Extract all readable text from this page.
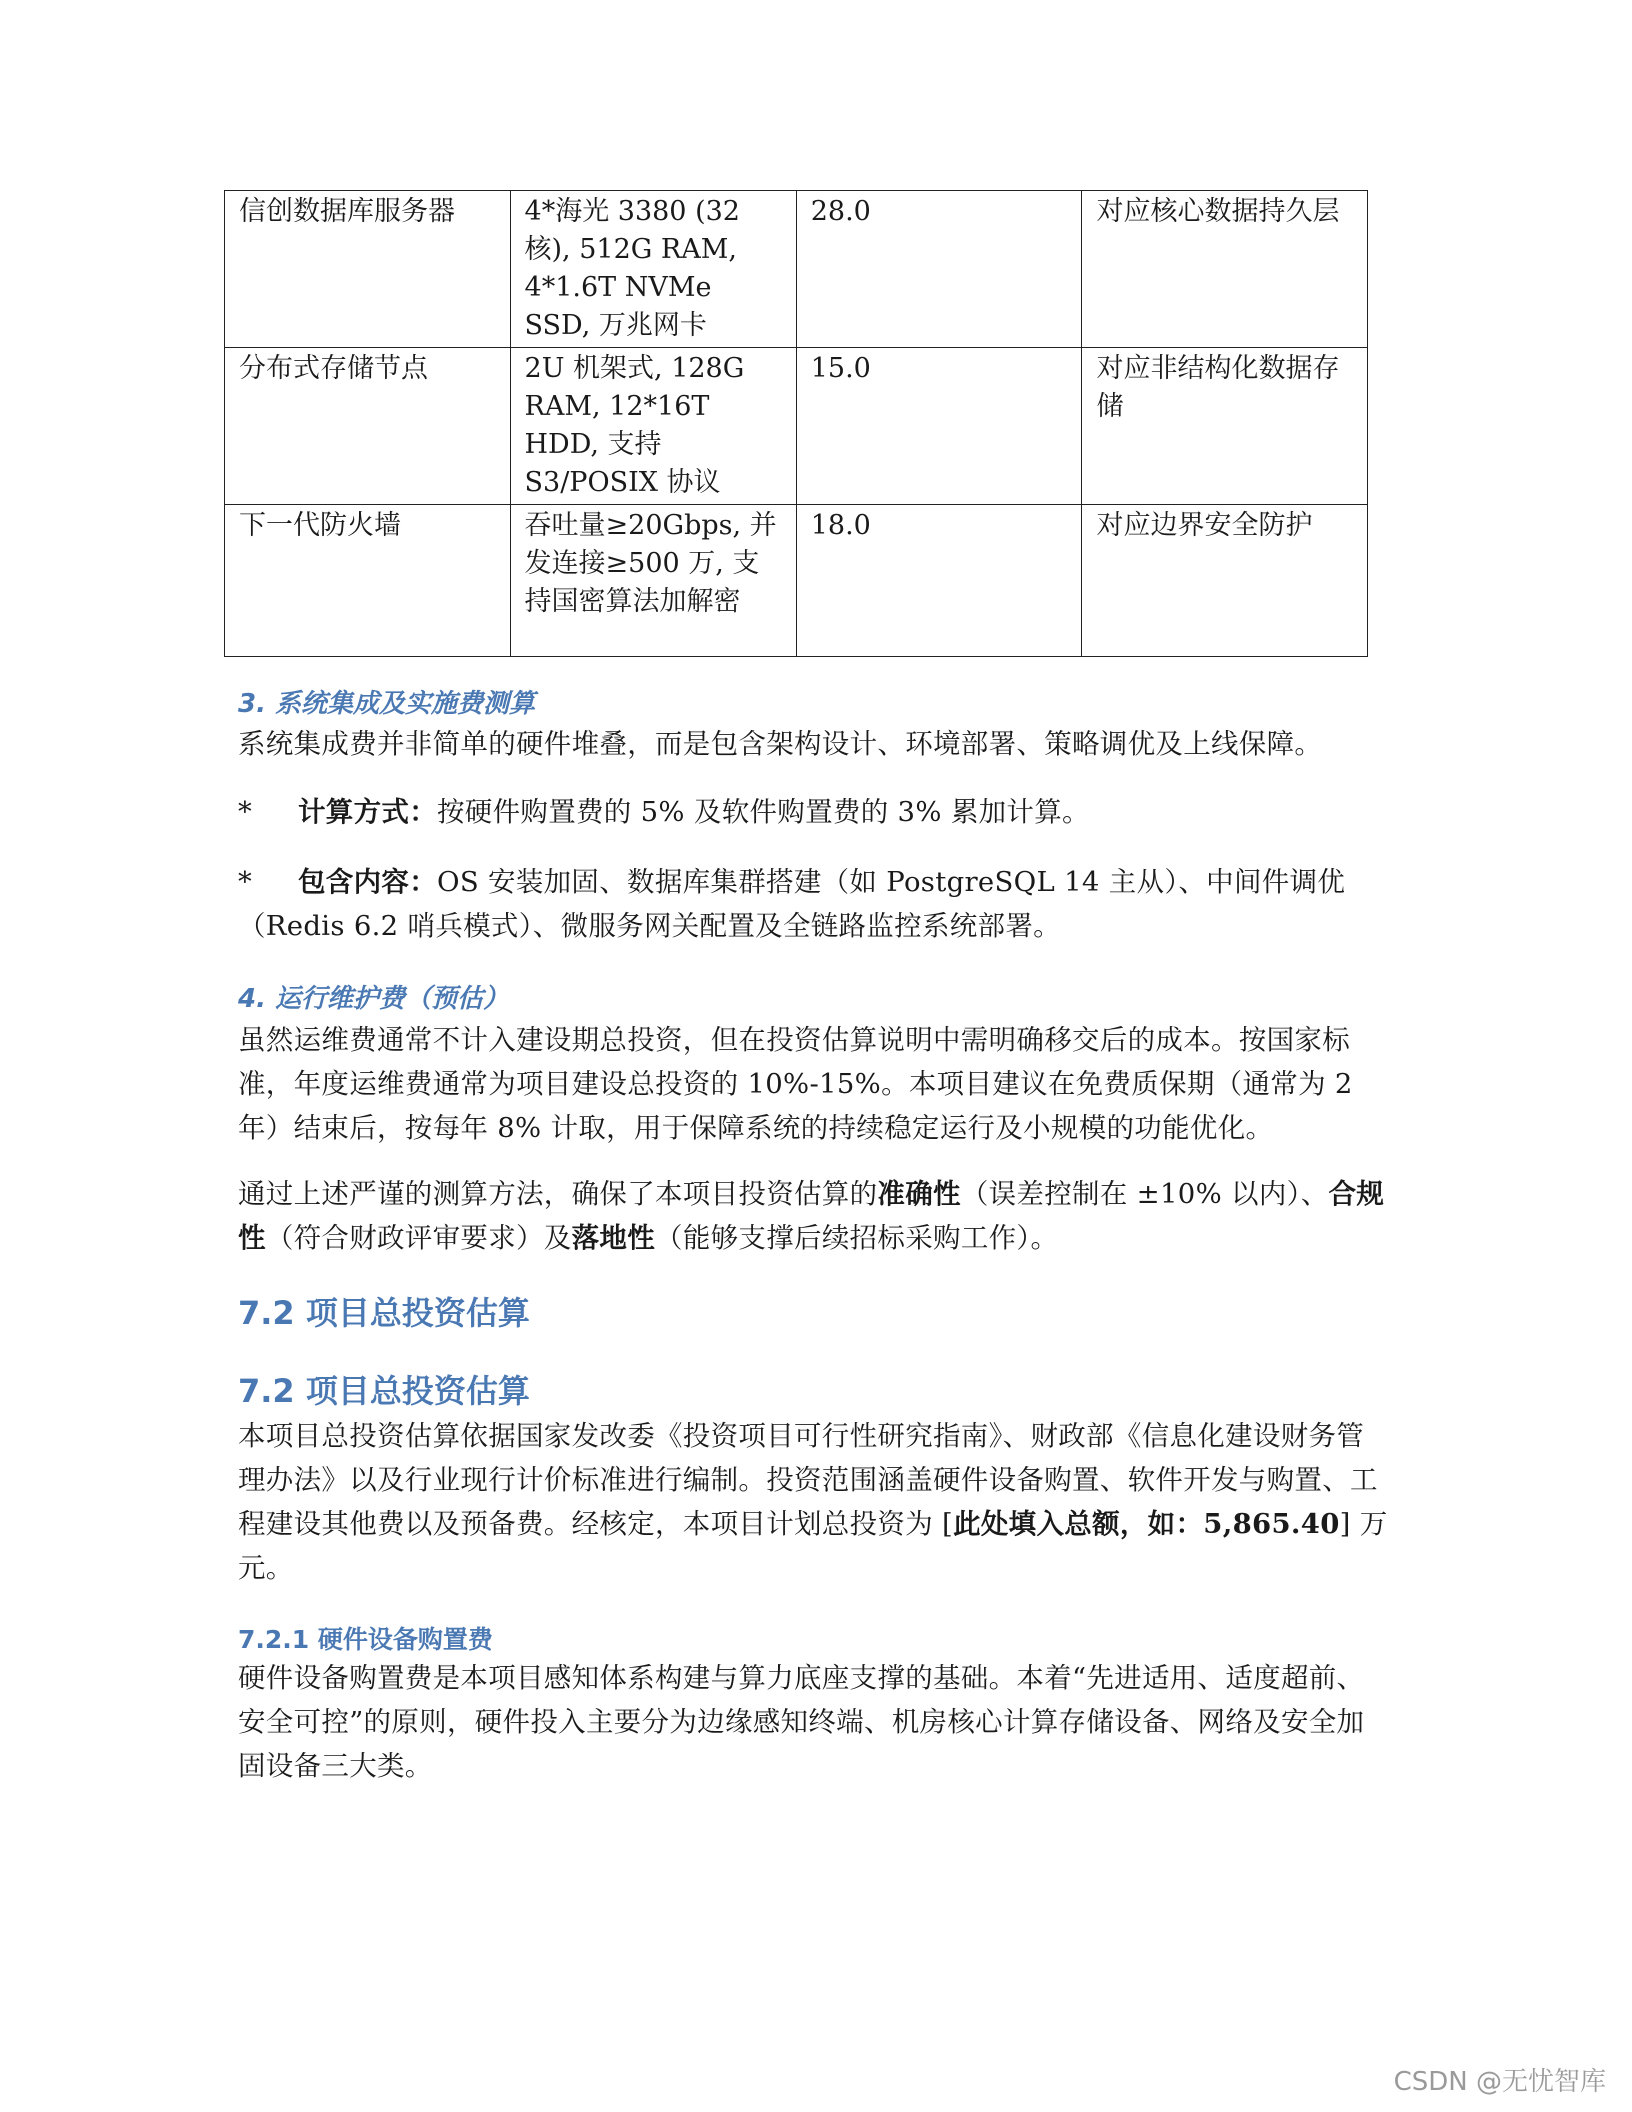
信创数据库服务器	4*海光 3380 (32核), 512G RAM, 4*1.6T NVMe SSD, 万兆网卡	28.0	对应核心数据持久层
分布式存储节点	2U 机架式, 128G RAM, 12*16T HDD, 支持 S3/POSIX 协议	15.0	对应非结构化数据存储
下一代防火墙	吞吐量≥20Gbps, 并发连接≥500 万, 支持国密算法加解密	18.0	对应边界安全防护
3. 系统集成及实施费测算

系统集成费并非简单的硬件堆叠，而是包含架构设计、环境部署、策略调优及上线保障。

* 计算方式：按硬件购置费的 5% 及软件购置费的 3% 累加计算。
* 包含内容：OS 安装加固、数据库集群搭建（如 PostgreSQL 14 主从）、中间件调优（Redis 6.2 哨兵模式）、微服务网关配置及全链路监控系统部署。
4. 运行维护费（预估）

虽然运维费通常不计入建设期总投资，但在投资估算说明中需明确移交后的成本。按国家标准，年度运维费通常为项目建设总投资的 10%-15%。本项目建议在免费质保期（通常为 2 年）结束后，按每年 8% 计取，用于保障系统的持续稳定运行及小规模的功能优化。

通过上述严谨的测算方法，确保了本项目投资估算的准确性（误差控制在 ±10% 以内）、合规性（符合财政评审要求）及落地性（能够支撑后续招标采购工作）。

7.2 项目总投资估算
7.2 项目总投资估算

本项目总投资估算依据国家发改委《投资项目可行性研究指南》、财政部《信息化建设财务管理办法》以及行业现行计价标准进行编制。投资范围涵盖硬件设备购置、软件开发与购置、工程建设其他费以及预备费。经核定，本项目计划总投资为 [此处填入总额，如：5,865.40] 万元。

7.2.1 硬件设备购置费

硬件设备购置费是本项目感知体系构建与算力底座支撑的基础。本着“先进适用、适度超前、安全可控”的原则，硬件投入主要分为边缘感知终端、机房核心计算存储设备、网络及安全加固设备三大类。

CSDN @无忧智库
